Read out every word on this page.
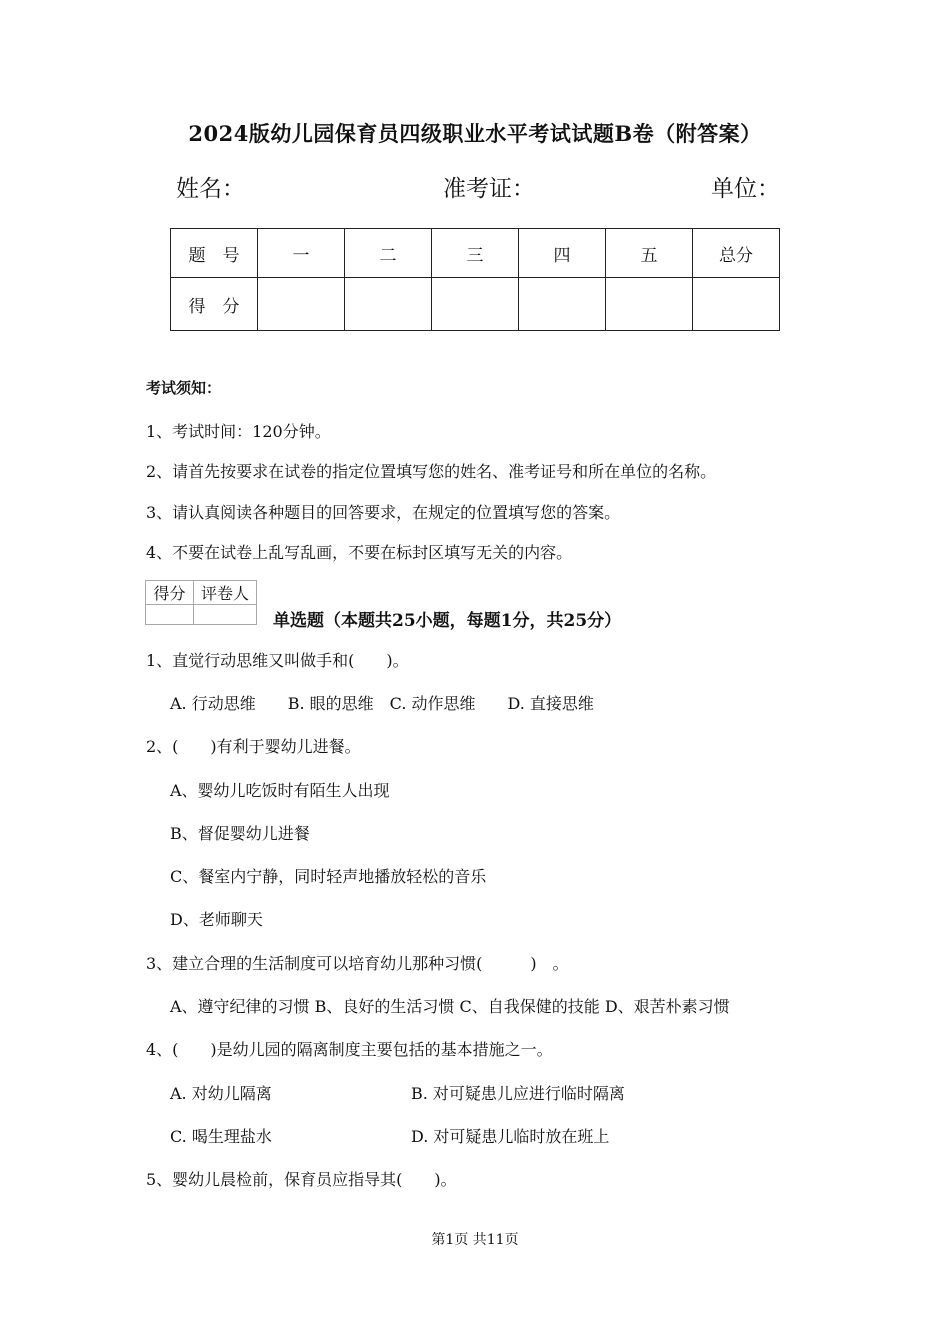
2024版幼儿园保育员四级职业水平考试试题B卷（附答案）
姓名：	准考证：	单位：
题　号	一	二	三	四	五	总分
得　分						
考试须知：
1、考试时间：120分钟。
2、请首先按要求在试卷的指定位置填写您的姓名、准考证号和所在单位的名称。
3、请认真阅读各种题目的回答要求，在规定的位置填写您的答案。
4、不要在试卷上乱写乱画，不要在标封区填写无关的内容。
得分	评卷人

单选题（本题共25小题，每题1分，共25分）
1、直觉行动思维又叫做手和(　　)。
A. 行动思维　　B. 眼的思维　C. 动作思维　　D. 直接思维
2、(　　)有利于婴幼儿进餐。
A、婴幼儿吃饭时有陌生人出现
B、督促婴幼儿进餐
C、餐室内宁静，同时轻声地播放轻松的音乐
D、老师聊天
3、建立合理的生活制度可以培育幼儿那种习惯(　　　)　。
A、遵守纪律的习惯 B、良好的生活习惯 C、自我保健的技能 D、艰苦朴素习惯
4、(　　)是幼儿园的隔离制度主要包括的基本措施之一。
A. 对幼儿隔离	B. 对可疑患儿应进行临时隔离
C. 喝生理盐水	D. 对可疑患儿临时放在班上
5、婴幼儿晨检前，保育员应指导其(　　)。
第1页 共11页
